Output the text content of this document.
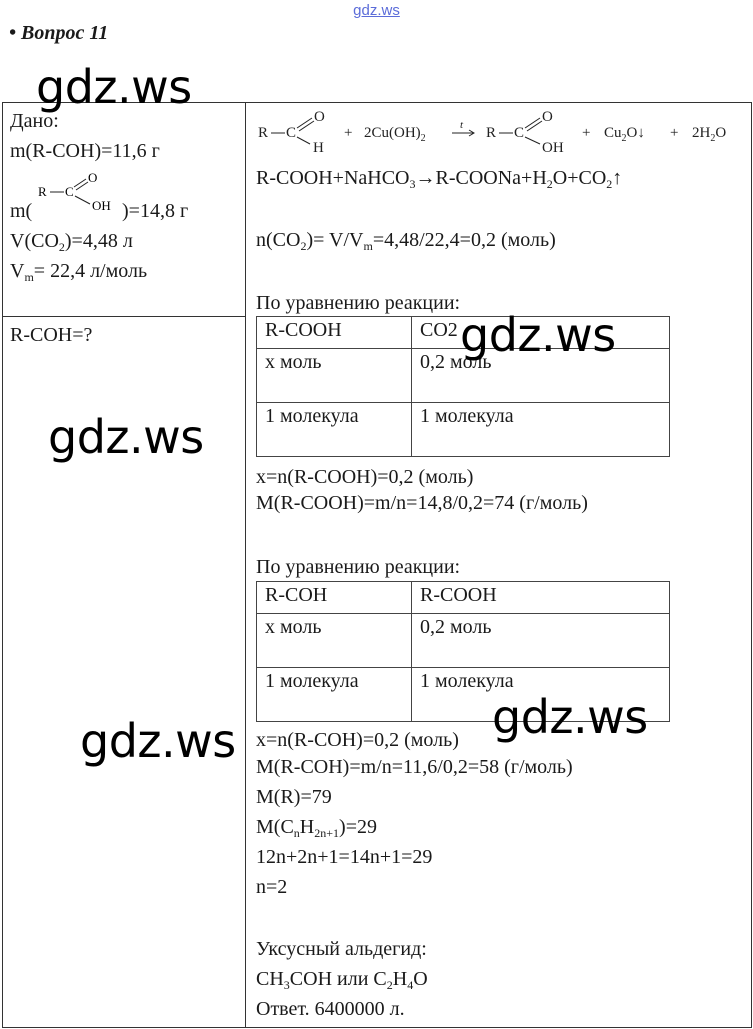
gdz.ws
• Вопрос 11
gdz.ws
gdz.ws
gdz.ws
gdz.ws
gdz.ws
Дано:
m(R-COH)=11,6 г
m(
R C
O
OH )=14,8 г
$V(CO_2)=4,48$ л
$V_m= 22,4$ л/моль
R-COH=?
R C
O
H
+ $2Cu(OH)_2$
t R C
O
OH
+ $Cu_2O↓ + 2H_2O$
$R-COOH+NaHCO_3\to R-COONa+H_2O+CO_2↑$
$n(CO_2)= V/V_m=4,48/22,4=0,2$ (моль)
По уравнению реакции:
R-COOH	CO2
x моль	0,2 моль
1 молекула	1 молекула
x=n(R-COOH)=0,2 (моль)
M(R-COOH)=m/n=14,8/0,2=74 (г/моль)
По уравнению реакции:
R-COH	R-COOH
x моль	0,2 моль
1 молекула	1 молекула
x=n(R-COH)=0,2 (моль)
M(R-COH)=m/n=11,6/0,2=58 (г/моль)
M(R)=79
$M(C_nH_{2n+1})=29$
12n+2n+1=14n+1=29
n=2
Уксусный альдегид:
$CH_3COH$ или $C_2H_4O$
Ответ. 6400000 л.
